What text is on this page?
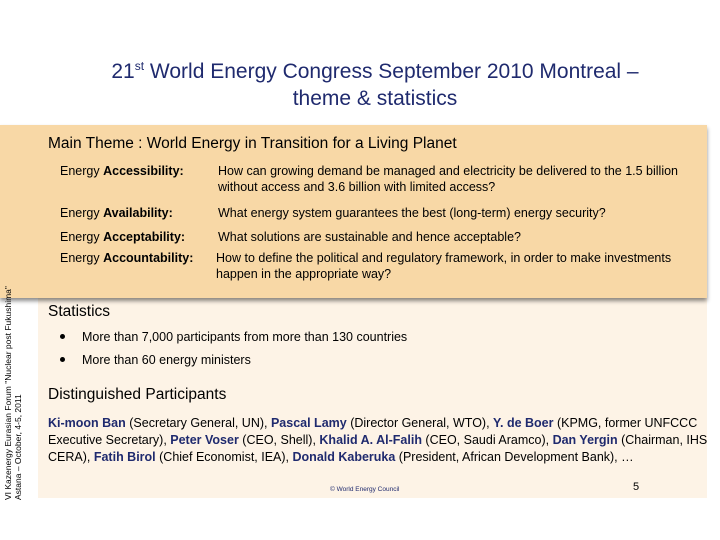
21st World Energy Congress September 2010 Montreal –
theme & statistics
Main Theme : World Energy in Transition for a Living Planet
Energy Accessibility:	How can growing demand be managed and electricity be delivered to the 1.5 billion without access and 3.6 billion with limited access?
Energy Availability:	What energy system guarantees the best (long-term) energy security?
Energy Acceptability:	What solutions are sustainable and hence acceptable?
Energy Accountability: How to define the political and regulatory framework, in order to make investments happen in the appropriate way?
Statistics
More than 7,000 participants from more than 130 countries
More than 60 energy ministers
Distinguished Participants
Ki-moon Ban (Secretary General, UN), Pascal Lamy (Director General, WTO), Y. de Boer (KPMG, former UNFCCC Executive Secretary), Peter Voser (CEO, Shell), Khalid A. Al-Falih (CEO, Saudi Aramco), Dan Yergin (Chairman, IHS CERA), Fatih Birol (Chief Economist, IEA), Donald Kaberuka (President, African Development Bank), …
© World Energy Council	5
VI Kazenergy Eurasian Forum "Nuclear post Fukushima" Astana – October, 4-5, 2011
